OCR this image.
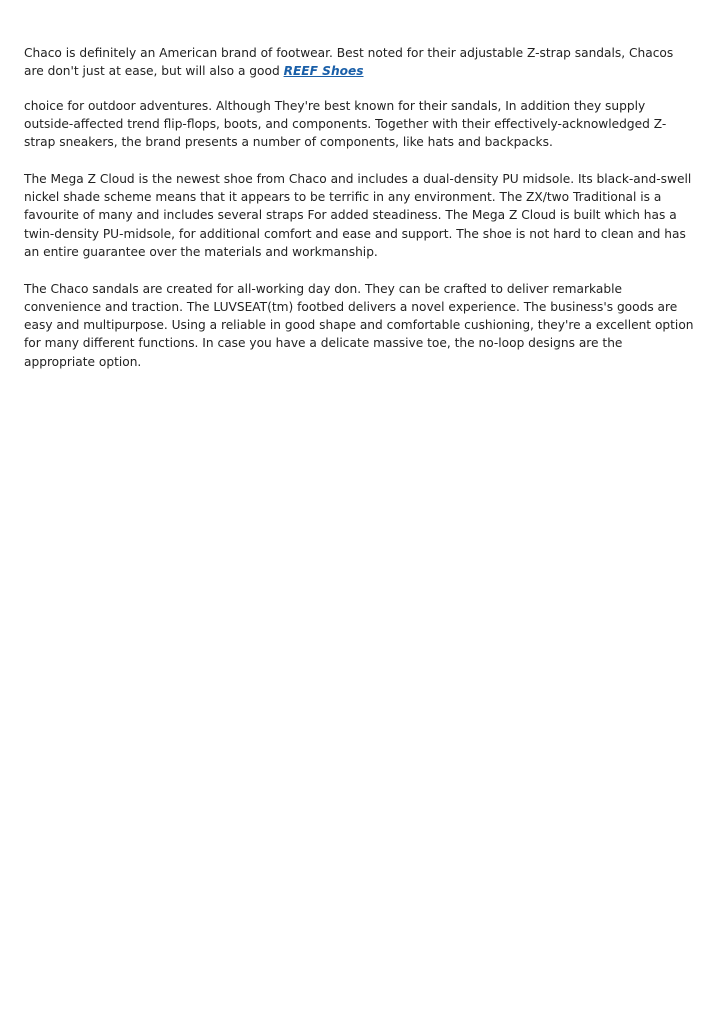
Chaco is definitely an American brand of footwear. Best noted for their adjustable Z-strap sandals, Chacos are don't just at ease, but will also a good REEF Shoes

choice for outdoor adventures. Although They're best known for their sandals, In addition they supply outside-affected trend flip-flops, boots, and components. Together with their effectively-acknowledged Z-strap sneakers, the brand presents a number of components, like hats and backpacks.

The Mega Z Cloud is the newest shoe from Chaco and includes a dual-density PU midsole. Its black-and-swell nickel shade scheme means that it appears to be terrific in any environment. The ZX/two Traditional is a favourite of many and includes several straps For added steadiness. The Mega Z Cloud is built which has a twin-density PU-midsole, for additional comfort and ease and support. The shoe is not hard to clean and has an entire guarantee over the materials and workmanship.

The Chaco sandals are created for all-working day don. They can be crafted to deliver remarkable convenience and traction. The LUVSEAT(tm) footbed delivers a novel experience. The business's goods are easy and multipurpose. Using a reliable in good shape and comfortable cushioning, they're a excellent option for many different functions. In case you have a delicate massive toe, the no-loop designs are the appropriate option.
